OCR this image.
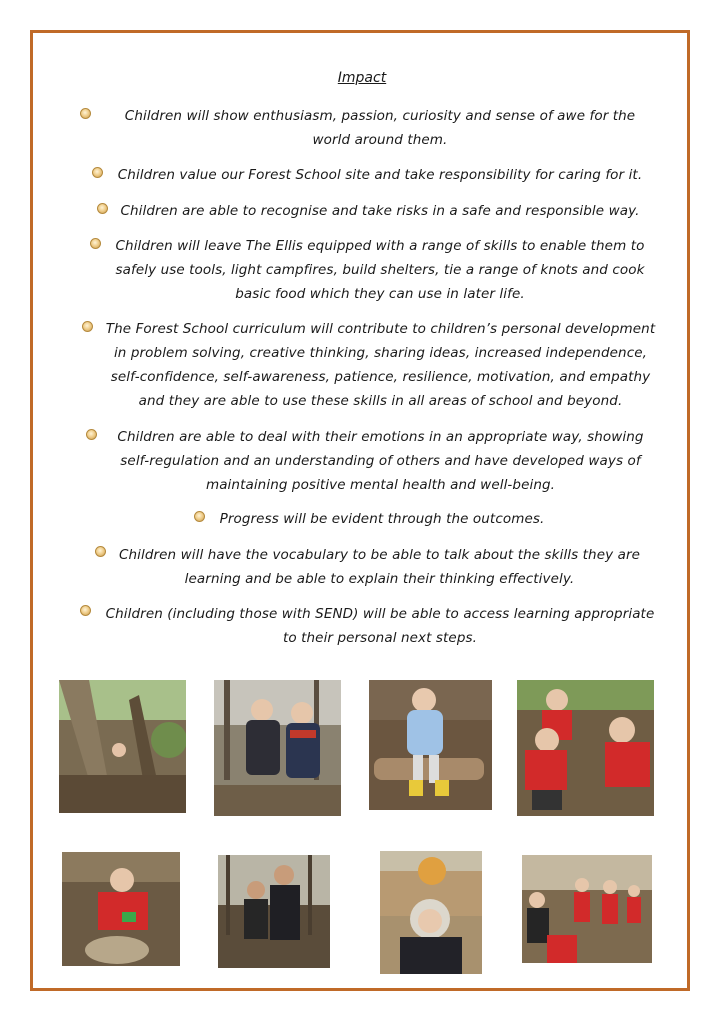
Impact
Children will show enthusiasm, passion, curiosity and sense of awe for the world around them.
Children value our Forest School site and take responsibility for caring for it.
Children are able to recognise and take risks in a safe and responsible way.
Children will leave The Ellis equipped with a range of skills to enable them to safely use tools, light campfires, build shelters, tie a range of knots and cook basic food which they can use in later life.
The Forest School curriculum will contribute to children’s personal development in problem solving, creative thinking, sharing ideas, increased independence, self-confidence, self-awareness, patience, resilience, motivation, and empathy and they are able to use these skills in all areas of school and beyond.
Children are able to deal with their emotions in an appropriate way, showing self-regulation and an understanding of others and have developed ways of maintaining positive mental health and well-being.
Progress will be evident through the outcomes.
Children will have the vocabulary to be able to talk about the skills they are learning and be able to explain their thinking effectively.
Children (including those with SEND) will be able to access learning appropriate to their personal next steps.
